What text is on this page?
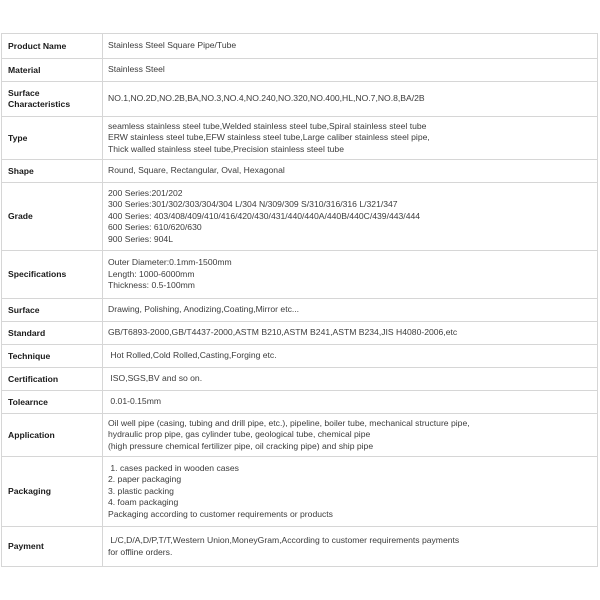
Product Name	Stainless Steel Square Pipe/Tube

Material	Stainless Steel

Surface
Characteristics	NO.1,NO.2D,NO.2B,BA,NO.3,NO.4,NO.240,NO.320,NO.400,HL,NO.7,NO.8,BA/2B

Type	seamless stainless steel tube,Welded stainless steel tube,Spiral stainless steel tube
ERW stainless steel tube,EFW stainless steel tube,Large caliber stainless steel pipe,
Thick walled stainless steel tube,Precision stainless steel tube

Shape	Round, Square, Rectangular, Oval, Hexagonal

Grade	200 Series:201/202
300 Series:301/302/303/304/304 L/304 N/309/309 S/310/316/316 L/321/347
400 Series: 403/408/409/410/416/420/430/431/440/440A/440B/440C/439/443/444
600 Series: 610/620/630
900 Series: 904L

Specifications	Outer Diameter:0.1mm-1500mm
Length: 1000-6000mm
Thickness: 0.5-100mm

Surface	Drawing, Polishing, Anodizing,Coating,Mirror etc...

Standard	GB/T6893-2000,GB/T4437-2000,ASTM B210,ASTM B241,ASTM B234,JIS H4080-2006,etc

Technique	Hot Rolled,Cold Rolled,Casting,Forging etc.

Certification	ISO,SGS,BV and so on.

Tolearnce	0.01-0.15mm

Application	Oil well pipe (casing, tubing and drill pipe, etc.), pipeline, boiler tube, mechanical structure pipe,
hydraulic prop pipe, gas cylinder tube, geological tube, chemical pipe
(high pressure chemical fertilizer pipe, oil cracking pipe) and ship pipe

Packaging	1. cases packed in wooden cases
2. paper packaging
3. plastic packing
4. foam packaging
Packaging according to customer requirements or products

Payment	L/C,D/A,D/P,T/T,Western Union,MoneyGram,According to customer requirements payments
for offline orders.
